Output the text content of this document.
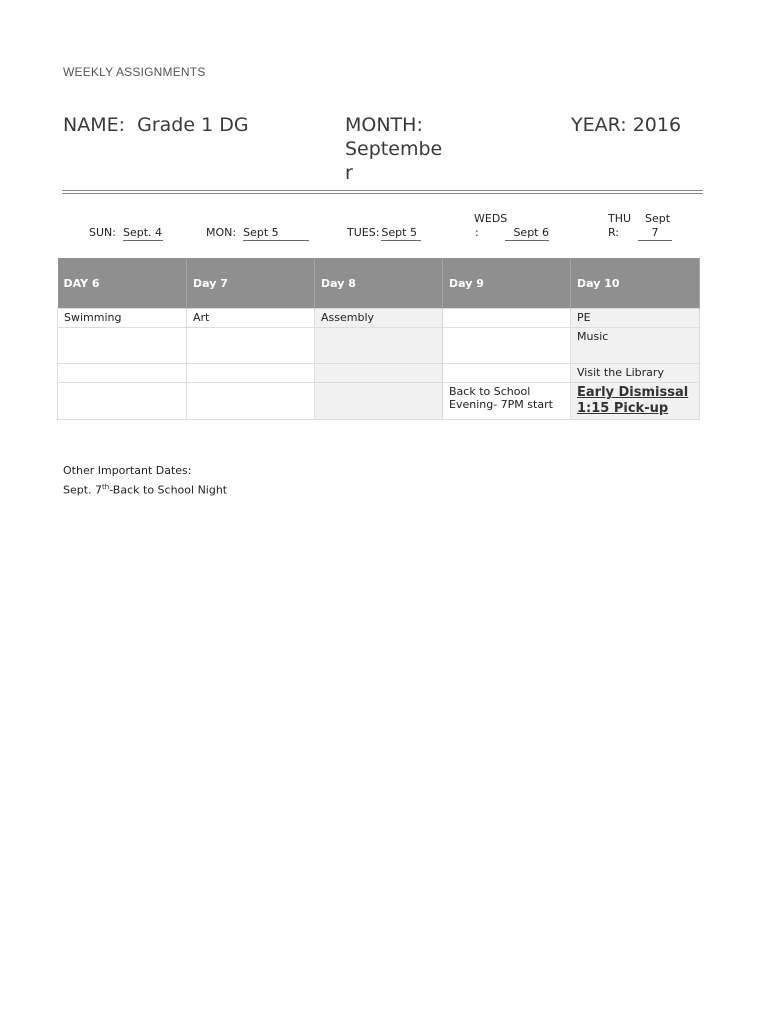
WEEKLY ASSIGNMENTS
NAME: Grade 1 DG	MONTH:
September
YEAR: 2016
SUN: Sept. 4	MON: Sept 5	TUES: Sept 5
WEDS
:	Sept 6
THU
R:
Sept
7
DAY 6	Day 7	Day 8	Day 9	Day 10
Swimming	Art	Assembly		PE
				Music
				Visit the Library
			Back to School Evening- 7PM start	Early Dismissal 1:15 Pick-up
Other Important Dates:
Sept. 7th-Back to School Night
